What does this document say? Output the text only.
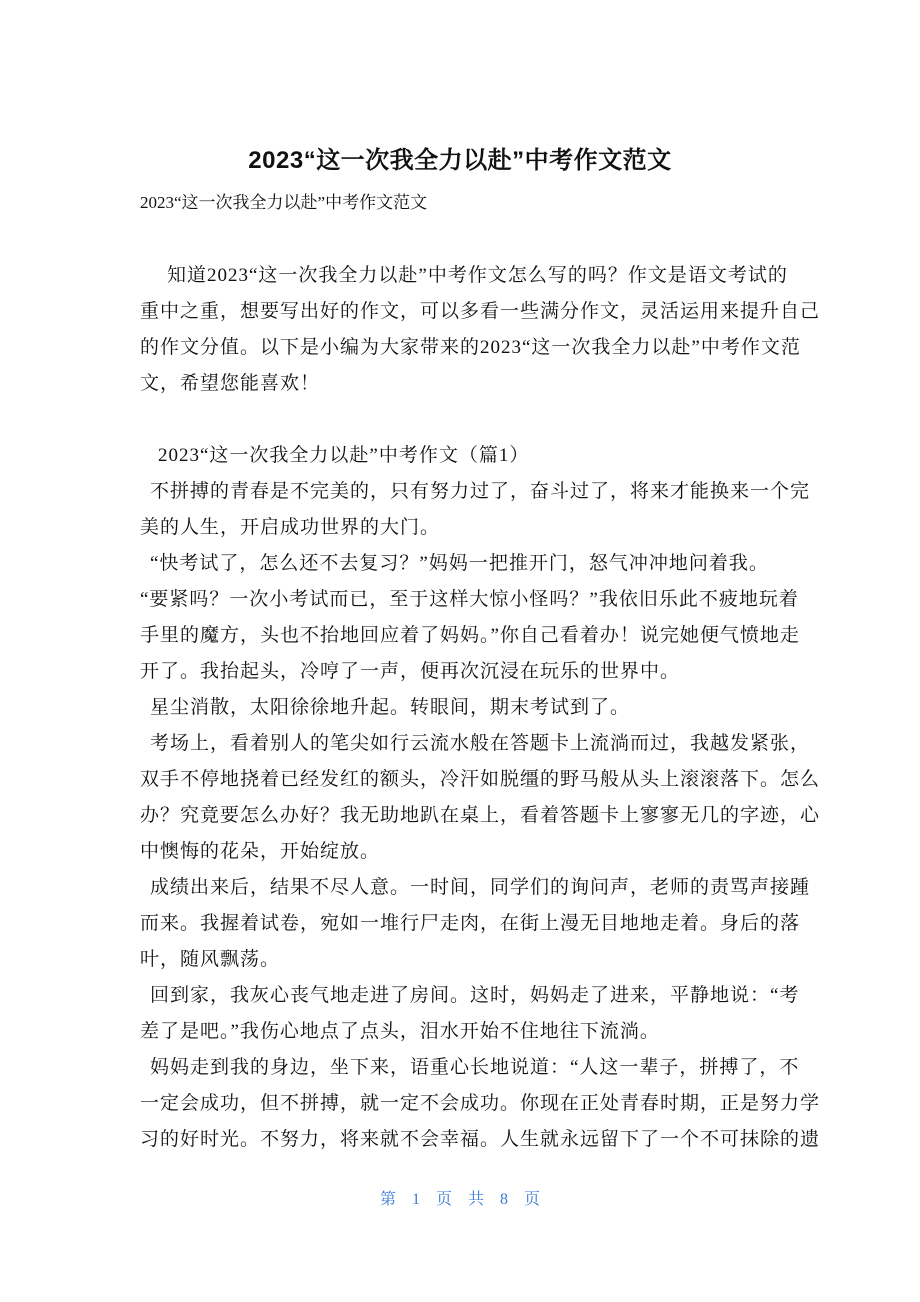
2023“这一次我全力以赴”中考作文范文
2023“这一次我全力以赴”中考作文范文
知道2023“这一次我全力以赴”中考作文怎么写的吗？作文是语文考试的
重中之重，想要写出好的作文，可以多看一些满分作文，灵活运用来提升自己
的作文分值。以下是小编为大家带来的2023“这一次我全力以赴”中考作文范
文，希望您能喜欢！
2023“这一次我全力以赴”中考作文（篇1）
不拼搏的青春是不完美的，只有努力过了，奋斗过了，将来才能换来一个完
美的人生，开启成功世界的大门。
“快考试了，怎么还不去复习？”妈妈一把推开门，怒气冲冲地问着我。
“要紧吗？一次小考试而已，至于这样大惊小怪吗？”我依旧乐此不疲地玩着
手里的魔方，头也不抬地回应着了妈妈。”你自己看着办！说完她便气愤地走
开了。我抬起头，冷哼了一声，便再次沉浸在玩乐的世界中。
星尘消散，太阳徐徐地升起。转眼间，期末考试到了。
考场上，看着别人的笔尖如行云流水般在答题卡上流淌而过，我越发紧张，
双手不停地挠着已经发红的额头，冷汗如脱缰的野马般从头上滚滚落下。怎么
办？究竟要怎么办好？我无助地趴在桌上，看着答题卡上寥寥无几的字迹，心
中懊悔的花朵，开始绽放。
成绩出来后，结果不尽人意。一时间，同学们的询问声，老师的责骂声接踵
而来。我握着试卷，宛如一堆行尸走肉，在街上漫无目地地走着。身后的落
叶，随风飘荡。
回到家，我灰心丧气地走进了房间。这时，妈妈走了进来，平静地说：“考
差了是吧。”我伤心地点了点头，泪水开始不住地往下流淌。
妈妈走到我的身边，坐下来，语重心长地说道：“人这一辈子，拼搏了，不
一定会成功，但不拼搏，就一定不会成功。你现在正处青春时期，正是努力学
习的好时光。不努力，将来就不会幸福。人生就永远留下了一个不可抹除的遗
第 1 页 共 8 页
